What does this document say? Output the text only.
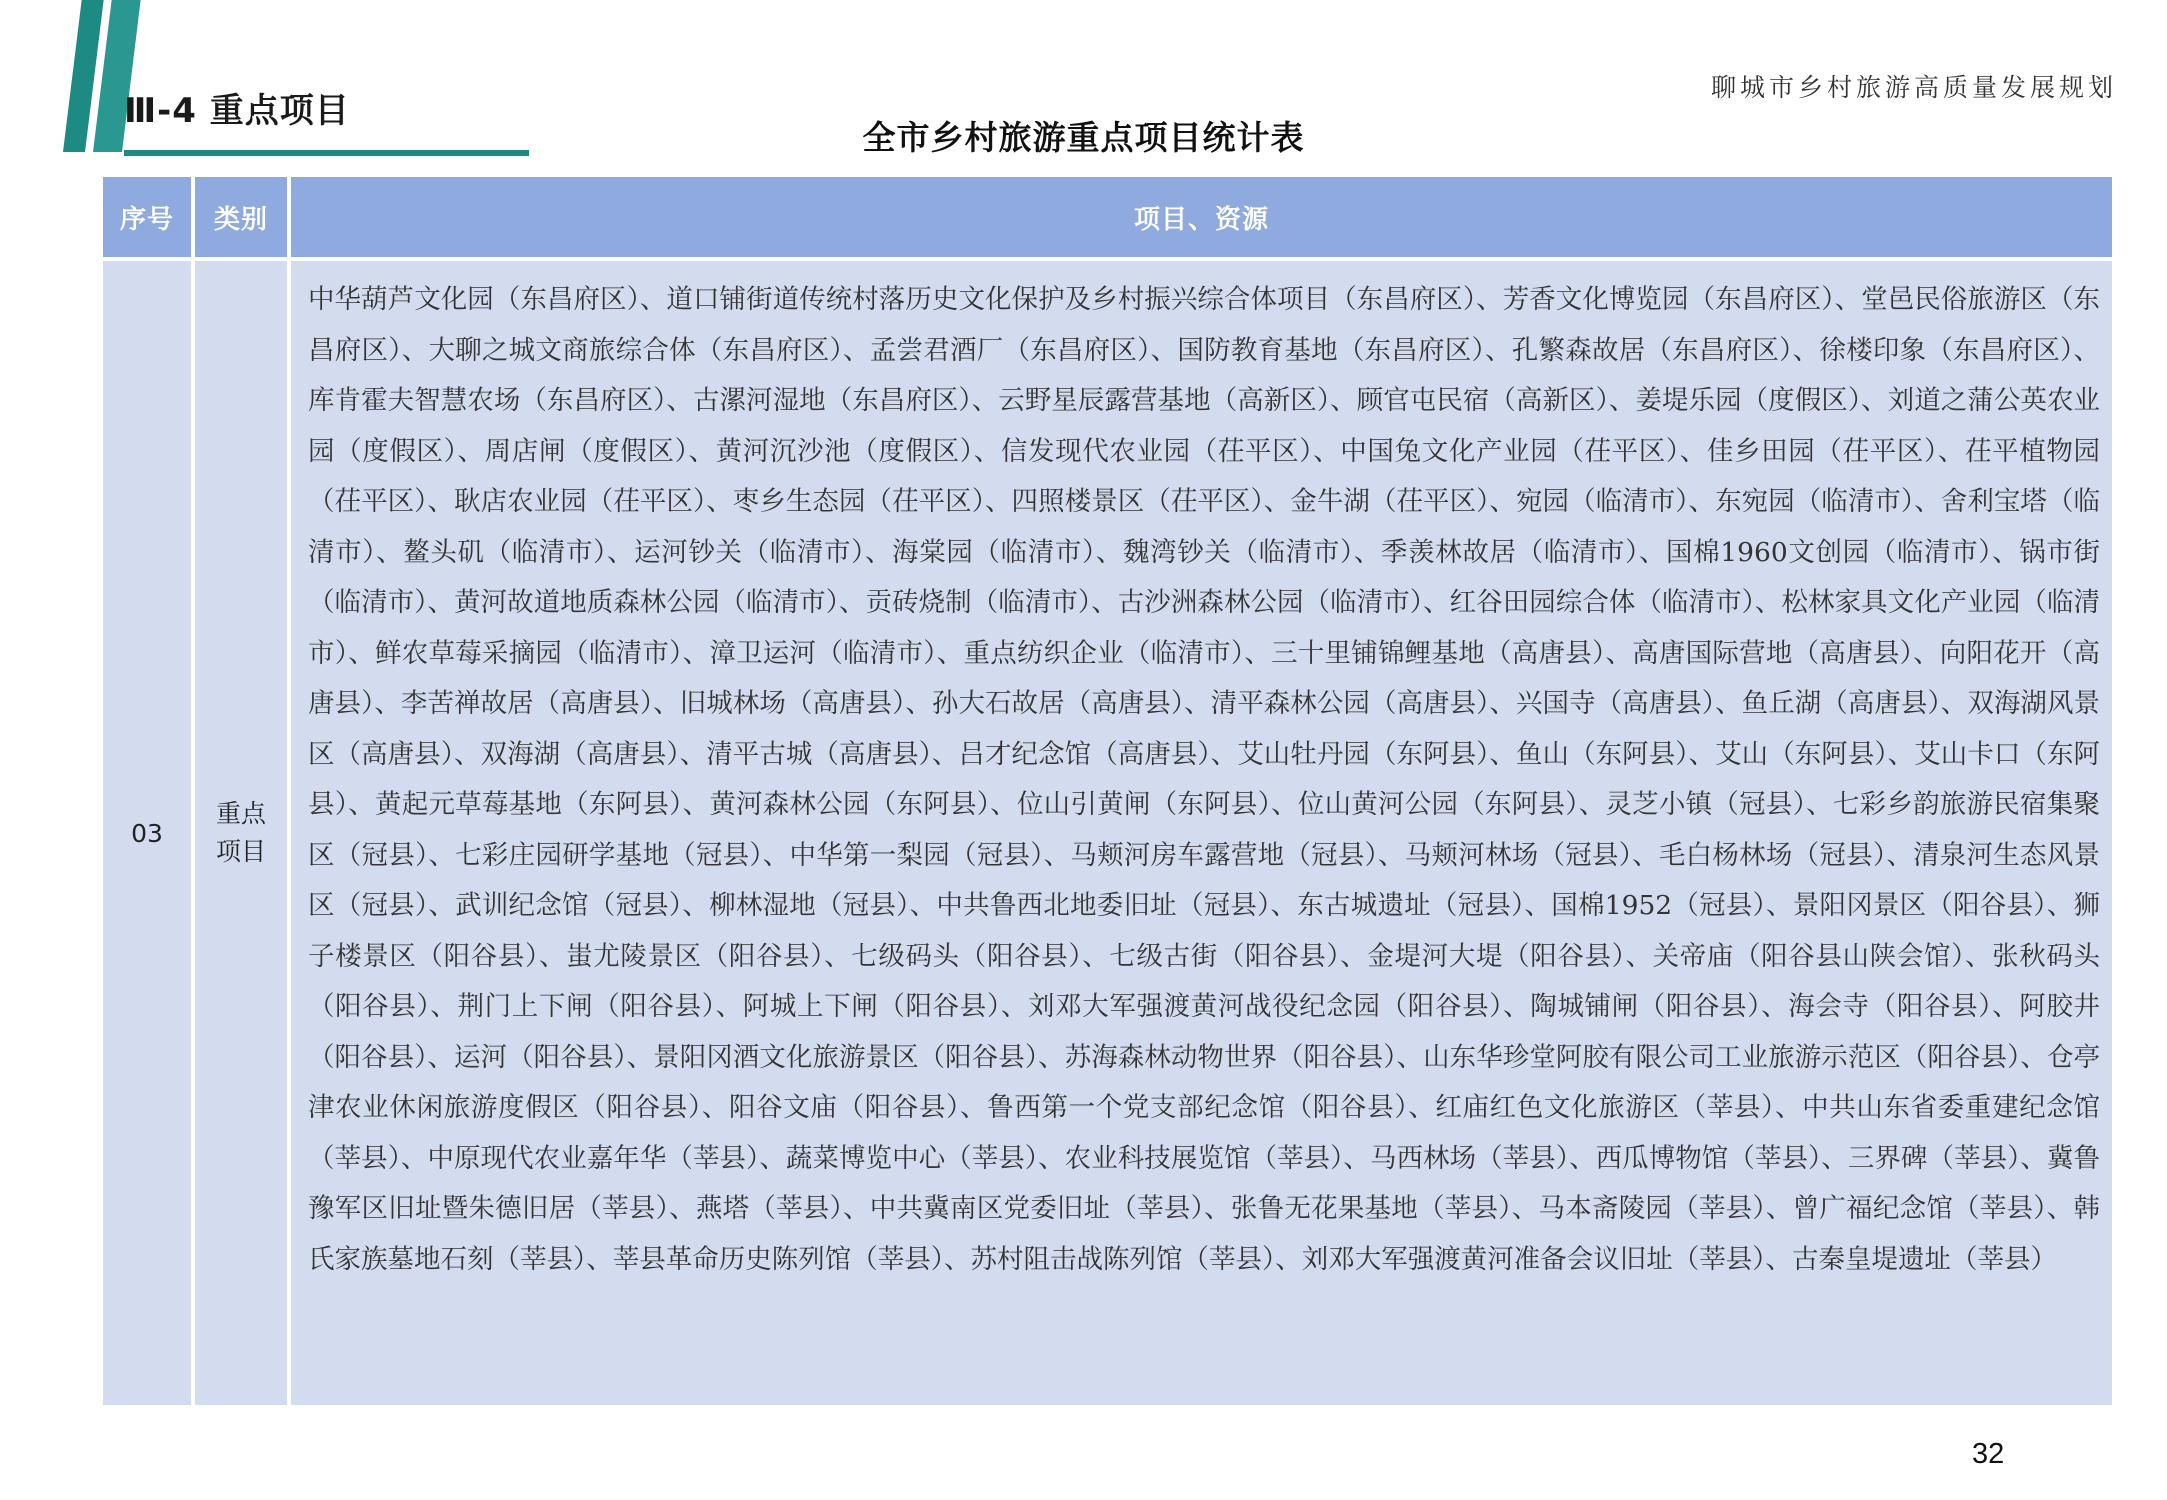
Ⅲ-4 重点项目
聊城市乡村旅游高质量发展规划
全市乡村旅游重点项目统计表
序号	类别	项目、资源
03
重点
项目
中华葫芦文化园（东昌府区）、道口铺街道传统村落历史文化保护及乡村振兴综合体项目（东昌府区）、芳香文化博览园（东昌府区）、堂邑民俗旅游区（东昌府区）、大聊之城文商旅综合体（东昌府区）、孟尝君酒厂（东昌府区）、国防教育基地（东昌府区）、孔繁森故居（东昌府区）、徐楼印象（东昌府区）、库肯霍夫智慧农场（东昌府区）、古漯河湿地（东昌府区）、云野星辰露营基地（高新区）、顾官屯民宿（高新区）、姜堤乐园（度假区）、刘道之蒲公英农业园（度假区）、周店闸（度假区）、黄河沉沙池（度假区）、信发现代农业园（茌平区）、中国兔文化产业园（茌平区）、佳乡田园（茌平区）、茌平植物园（茌平区）、耿店农业园（茌平区）、枣乡生态园（茌平区）、四照楼景区（茌平区）、金牛湖（茌平区）、宛园（临清市）、东宛园（临清市）、舍利宝塔（临清市）、鳌头矶（临清市）、运河钞关（临清市）、海棠园（临清市）、魏湾钞关（临清市）、季羡林故居（临清市）、国棉1960文创园（临清市）、锅市街（临清市）、黄河故道地质森林公园（临清市）、贡砖烧制（临清市）、古沙洲森林公园（临清市）、红谷田园综合体（临清市）、松林家具文化产业园（临清市）、鲜农草莓采摘园（临清市）、漳卫运河（临清市）、重点纺织企业（临清市）、三十里铺锦鲤基地（高唐县）、高唐国际营地（高唐县）、向阳花开（高唐县）、李苦禅故居（高唐县）、旧城林场（高唐县）、孙大石故居（高唐县）、清平森林公园（高唐县）、兴国寺（高唐县）、鱼丘湖（高唐县）、双海湖风景区（高唐县）、双海湖（高唐县）、清平古城（高唐县）、吕才纪念馆（高唐县）、艾山牡丹园（东阿县）、鱼山（东阿县）、艾山（东阿县）、艾山卡口（东阿县）、黄起元草莓基地（东阿县）、黄河森林公园（东阿县）、位山引黄闸（东阿县）、位山黄河公园（东阿县）、灵芝小镇（冠县）、七彩乡韵旅游民宿集聚区（冠县）、七彩庄园研学基地（冠县）、中华第一梨园（冠县）、马颊河房车露营地（冠县）、马颊河林场（冠县）、毛白杨林场（冠县）、清泉河生态风景区（冠县）、武训纪念馆（冠县）、柳林湿地（冠县）、中共鲁西北地委旧址（冠县）、东古城遗址（冠县）、国棉1952（冠县）、景阳冈景区（阳谷县）、狮子楼景区（阳谷县）、蚩尤陵景区（阳谷县）、七级码头（阳谷县）、七级古街（阳谷县）、金堤河大堤（阳谷县）、关帝庙（阳谷县山陕会馆）、张秋码头（阳谷县）、荆门上下闸（阳谷县）、阿城上下闸（阳谷县）、刘邓大军强渡黄河战役纪念园（阳谷县）、陶城铺闸（阳谷县）、海会寺（阳谷县）、阿胶井（阳谷县）、运河（阳谷县）、景阳冈酒文化旅游景区（阳谷县）、苏海森林动物世界（阳谷县）、山东华珍堂阿胶有限公司工业旅游示范区（阳谷县）、仓亭津农业休闲旅游度假区（阳谷县）、阳谷文庙（阳谷县）、鲁西第一个党支部纪念馆（阳谷县）、红庙红色文化旅游区（莘县）、中共山东省委重建纪念馆（莘县）、中原现代农业嘉年华（莘县）、蔬菜博览中心（莘县）、农业科技展览馆（莘县）、马西林场（莘县）、西瓜博物馆（莘县）、三界碑（莘县）、冀鲁豫军区旧址暨朱德旧居（莘县）、燕塔（莘县）、中共冀南区党委旧址（莘县）、张鲁无花果基地（莘县）、马本斋陵园（莘县）、曾广福纪念馆（莘县）、韩氏家族墓地石刻（莘县）、莘县革命历史陈列馆（莘县）、苏村阻击战陈列馆（莘县）、刘邓大军强渡黄河准备会议旧址（莘县）、古秦皇堤遗址（莘县）
32
